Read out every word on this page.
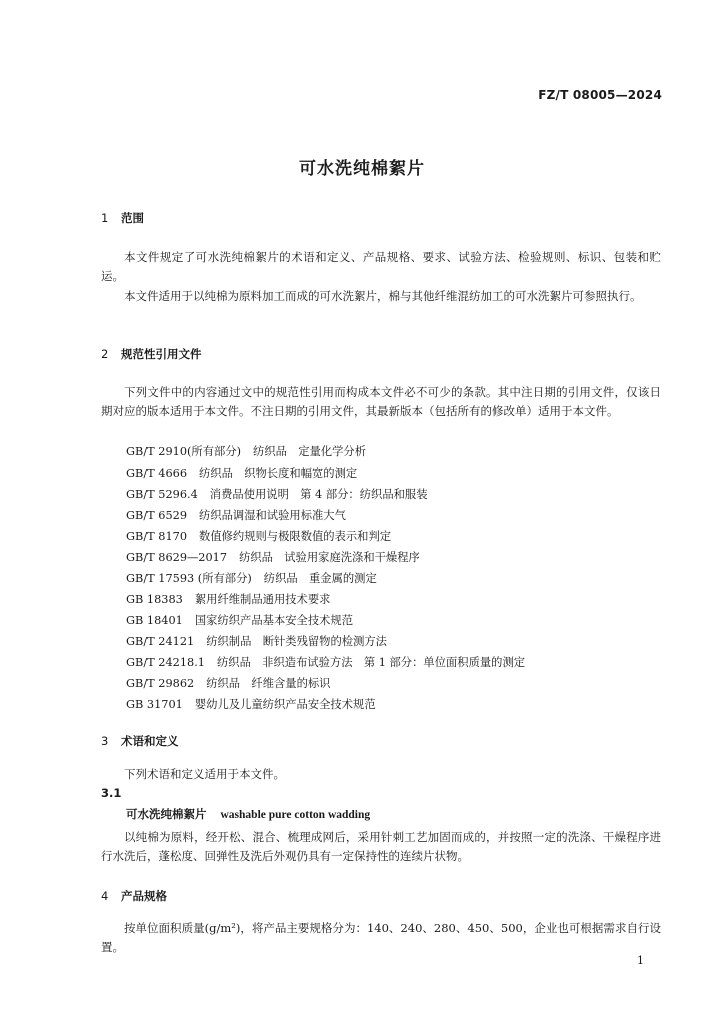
FZ/T 08005—2024
可水洗纯棉絮片
1 范围
本文件规定了可水洗纯棉絮片的术语和定义、产品规格、要求、试验方法、检验规则、标识、包装和贮运。
本文件适用于以纯棉为原料加工而成的可水洗絮片，棉与其他纤维混纺加工的可水洗絮片可参照执行。
2 规范性引用文件
下列文件中的内容通过文中的规范性引用而构成本文件必不可少的条款。其中注日期的引用文件，仅该日期对应的版本适用于本文件。不注日期的引用文件，其最新版本（包括所有的修改单）适用于本文件。
GB/T 2910(所有部分) 纺织品　定量化学分析
GB/T 4666 纺织品　织物长度和幅宽的测定
GB/T 5296.4 消费品使用说明　第 4 部分：纺织品和服装
GB/T 6529 纺织品调湿和试验用标准大气
GB/T 8170 数值修约规则与极限数值的表示和判定
GB/T 8629—2017 纺织品　试验用家庭洗涤和干燥程序
GB/T 17593 (所有部分) 纺织品　重金属的测定
GB 18383 絮用纤维制品通用技术要求
GB 18401 国家纺织产品基本安全技术规范
GB/T 24121 纺织制品　断针类残留物的检测方法
GB/T 24218.1 纺织品　非织造布试验方法　第 1 部分：单位面积质量的测定
GB/T 29862 纺织品　纤维含量的标识
GB 31701 婴幼儿及儿童纺织产品安全技术规范
3 术语和定义
下列术语和定义适用于本文件。
3.1
可水洗纯棉絮片 washable pure cotton wadding
以纯棉为原料，经开松、混合、梳理成网后，采用针刺工艺加固而成的，并按照一定的洗涤、干燥程序进行水洗后，蓬松度、回弹性及洗后外观仍具有一定保持性的连续片状物。
4 产品规格
按单位面积质量(g/m²)，将产品主要规格分为：140、240、280、450、500，企业也可根据需求自行设置。
1
